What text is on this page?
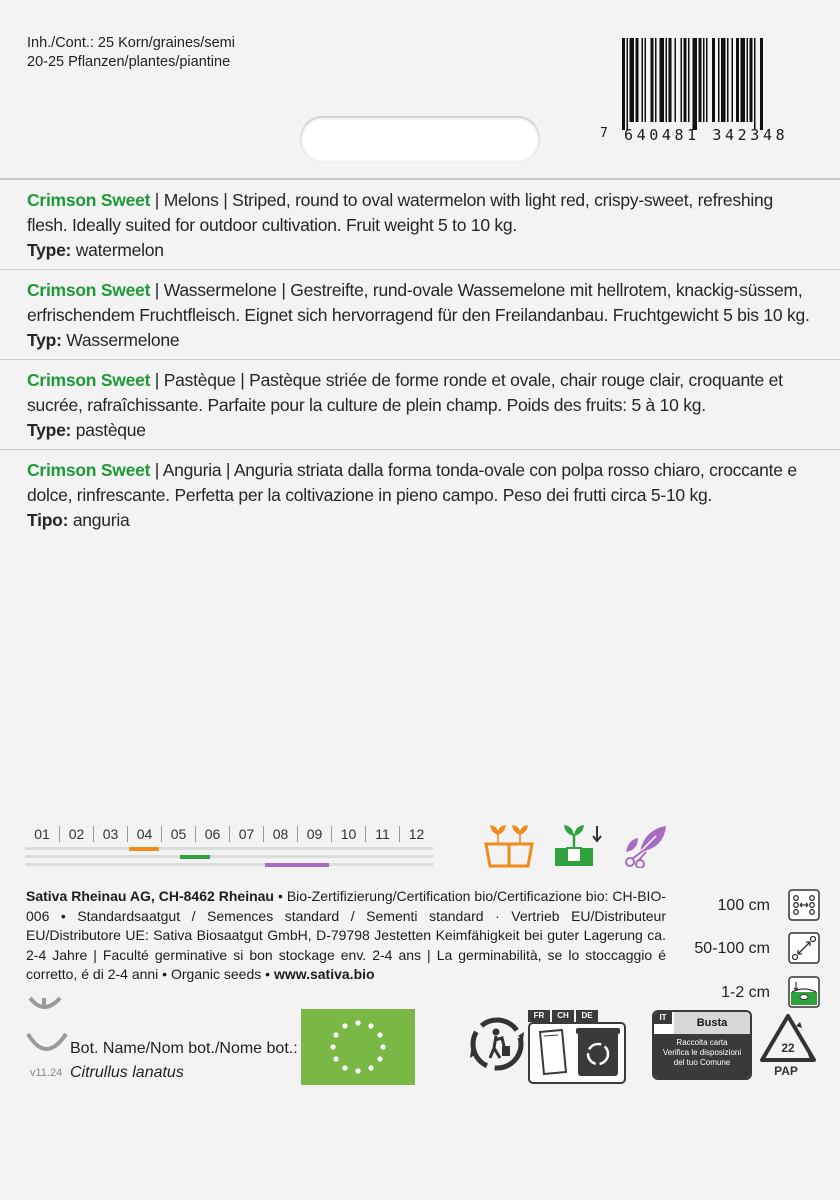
Inh./Cont.: 25 Korn/graines/semi
20-25 Pflanzen/plantes/piantine
7 640481 342348

Crimson Sweet | Melons | Striped, round to oval watermelon with light red, crispy-sweet, refreshing flesh. Ideally suited for outdoor cultivation. Fruit weight 5 to 10 kg.

Type: watermelon

Crimson Sweet | Wassermelone | Gestreifte, rund-ovale Wassemelone mit hellrotem, knackig-süssem, erfrischendem Fruchtfleisch. Eignet sich hervorragend für den Freilandanbau. Fruchtgewicht 5 bis 10 kg.

Typ: Wassermelone

Crimson Sweet | Pastèque | Pastèque striée de forme ronde et ovale, chair rouge clair, croquante et sucrée, rafraîchissante. Parfaite pour la culture de plein champ. Poids des fruits: 5 à 10 kg.

Type: pastèque

Crimson Sweet | Anguria | Anguria striata dalla forma tonda-ovale con polpa rosso chiaro, croccante e dolce, rinfrescante. Perfetta per la coltivazione in pieno campo. Peso dei frutti circa 5-10 kg.

Tipo: anguria

01	02	03	04	05	06	07	08	09	10	11	12
Sativa Rheinau AG, CH-8462 Rheinau • Bio-Zertifizierung/Certification bio/Certificazione bio: CH-BIO-006 • Standardsaatgut / Semences standard / Sementi standard · Vertrieb EU/Distributeur EU/Distributore UE: Sativa Biosaatgut GmbH, D-79798 Jestetten Keimfähigkeit bei guter Lagerung ca. 2-4 Jahre | Faculté germinative si bon stockage env. 2-4 ans | La germinabilità, se lo stoccaggio é corretto, é di 2-4 anni • Organic seeds • www.sativa.bio
100 cm
50-100 cm
1-2 cm
v11.24
Bot. Name/Nom bot./Nome bot.:
Citrullus lanatus
FR	CH	DE	IT	Busta
Raccolta carta
Verifica le disposizioni
del tuo Comune
22
PAP
